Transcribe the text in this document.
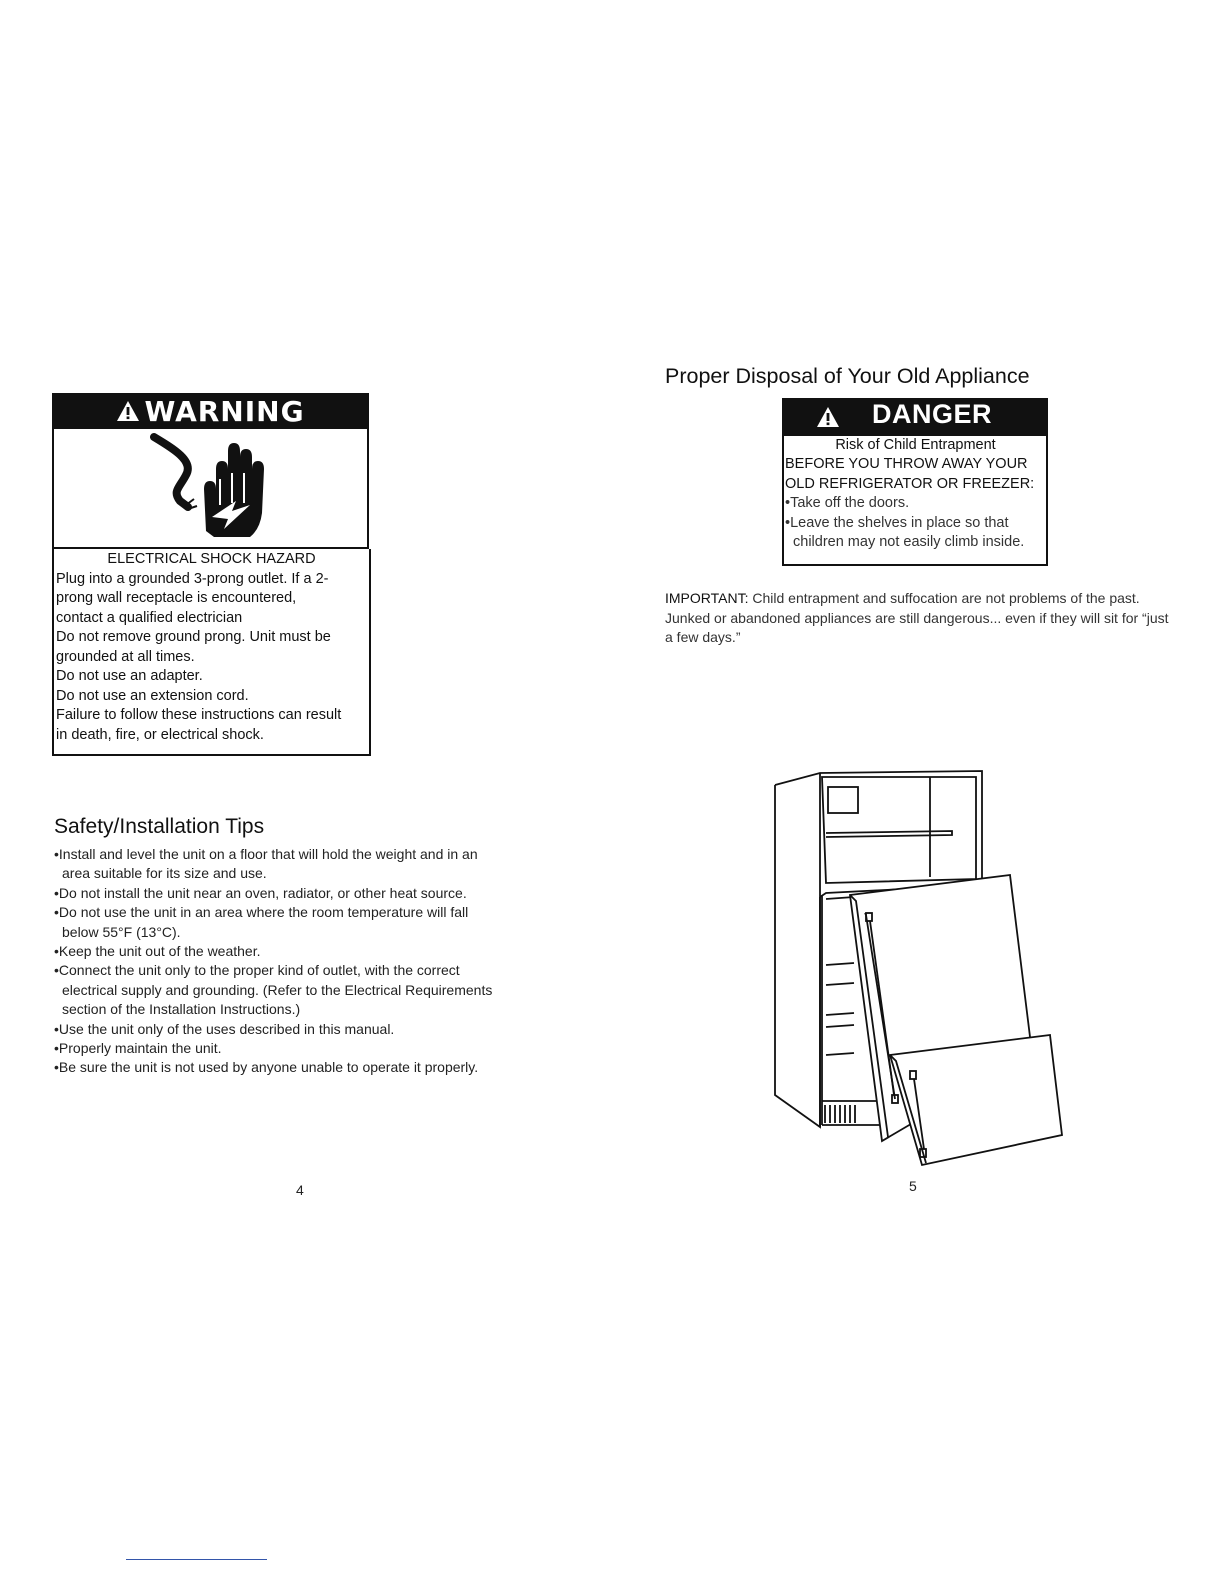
WARNING
ELECTRICAL SHOCK HAZARD
Plug into a grounded 3-prong outlet. If a 2-
prong wall receptacle is encountered,
contact a qualified electrician
Do not remove ground prong. Unit must be
grounded at all times.
Do not use an adapter.
Do not use an extension cord.
Failure to follow these instructions can result
in death, fire, or electrical shock.
Safety/Installation Tips
•Install and level the unit on a floor that will hold the weight and in an
area suitable for its size and use.
•Do not install the unit near an oven, radiator, or other heat source.
•Do not use the unit in an area where the room temperature will fall
below 55°F (13°C).
•Keep the unit out of the weather.
•Connect the unit only to the proper kind of outlet, with the correct
electrical supply and grounding. (Refer to the Electrical Requirements
section of the Installation Instructions.)
•Use the unit only of the uses described in this manual.
•Properly maintain the unit.
•Be sure the unit is not used by anyone unable to operate it properly.
4
Proper Disposal of Your Old Appliance
DANGER
Risk of Child Entrapment
BEFORE YOU THROW AWAY YOUR
OLD REFRIGERATOR OR FREEZER:
•Take off the doors.
•Leave the shelves in place so that
children may not easily climb inside.
IMPORTANT: Child entrapment and suffocation are not problems of the past. Junked or abandoned appliances are still dangerous... even if they will sit for “just a few days.”
5
